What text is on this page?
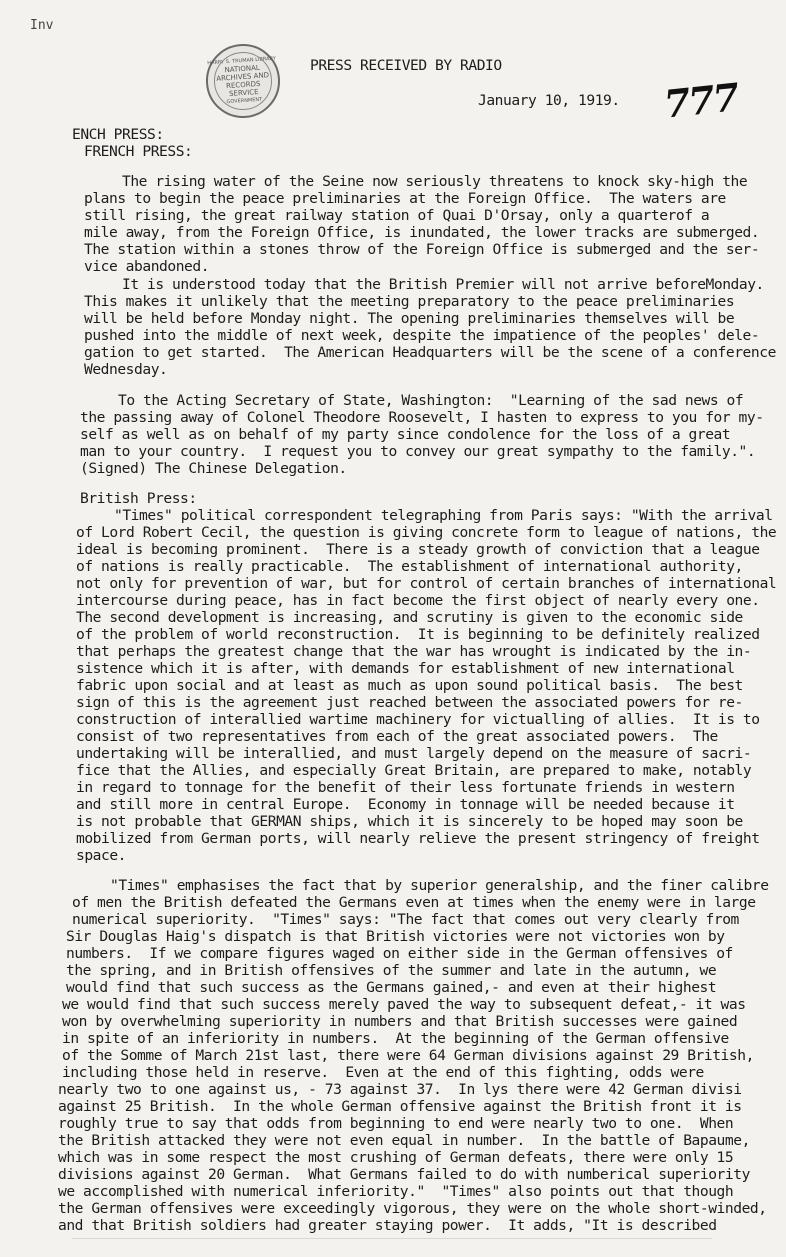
Inv
HARRY S. TRUMAN LIBRARY
NATIONAL
ARCHIVES AND
RECORDS
SERVICE
GOVERNMENT
PRESS RECEIVED BY RADIO
January 10, 1919. 777
ENCH PRESS:
FRENCH PRESS:
The rising water of the Seine now seriously threatens to knock sky-high the
plans to begin the peace preliminaries at the Foreign Office.  The waters are
still rising, the great railway station of Quai D'Orsay, only a quarterof a
mile away, from the Foreign Office, is inundated, the lower tracks are submerged.
The station within a stones throw of the Foreign Office is submerged and the ser-
vice abandoned.
It is understood today that the British Premier will not arrive beforeMonday.
This makes it unlikely that the meeting preparatory to the peace preliminaries
will be held before Monday night. The opening preliminaries themselves will be
pushed into the middle of next week, despite the impatience of the peoples' dele-
gation to get started.  The American Headquarters will be the scene of a conference
Wednesday.
To the Acting Secretary of State, Washington:  "Learning of the sad news of
the passing away of Colonel Theodore Roosevelt, I hasten to express to you for my-
self as well as on behalf of my party since condolence for the loss of a great
man to your country.  I request you to convey our great sympathy to the family.".
(Signed) The Chinese Delegation.
British Press:
"Times" political correspondent telegraphing from Paris says: "With the arrival
of Lord Robert Cecil, the question is giving concrete form to league of nations, the
ideal is becoming prominent.  There is a steady growth of conviction that a league
of nations is really practicable.  The establishment of international authority,
not only for prevention of war, but for control of certain branches of international
intercourse during peace, has in fact become the first object of nearly every one.
The second development is increasing, and scrutiny is given to the economic side
of the problem of world reconstruction.  It is beginning to be definitely realized
that perhaps the greatest change that the war has wrought is indicated by the in-
sistence which it is after, with demands for establishment of new international
fabric upon social and at least as much as upon sound political basis.  The best
sign of this is the agreement just reached between the associated powers for re-
construction of interallied wartime machinery for victualling of allies.  It is to
consist of two representatives from each of the great associated powers.  The
undertaking will be interallied, and must largely depend on the measure of sacri-
fice that the Allies, and especially Great Britain, are prepared to make, notably
in regard to tonnage for the benefit of their less fortunate friends in western
and still more in central Europe.  Economy in tonnage will be needed because it
is not probable that GERMAN ships, which it is sincerely to be hoped may soon be
mobilized from German ports, will nearly relieve the present stringency of freight
space.
"Times" emphasises the fact that by superior generalship, and the finer calibre
of men the British defeated the Germans even at times when the enemy were in large
numerical superiority.  "Times" says: "The fact that comes out very clearly from
Sir Douglas Haig's dispatch is that British victories were not victories won by
numbers.  If we compare figures waged on either side in the German offensives of
the spring, and in British offensives of the summer and late in the autumn, we
would find that such success as the Germans gained,- and even at their highest
we would find that such success merely paved the way to subsequent defeat,- it was
won by overwhelming superiority in numbers and that British successes were gained
in spite of an inferiority in numbers.  At the beginning of the German offensive
of the Somme of March 21st last, there were 64 German divisions against 29 British,
including those held in reserve.  Even at the end of this fighting, odds were
nearly two to one against us, - 73 against 37.  In lys there were 42 German divisi
against 25 British.  In the whole German offensive against the British front it is
roughly true to say that odds from beginning to end were nearly two to one.  When
the British attacked they were not even equal in number.  In the battle of Bapaume,
which was in some respect the most crushing of German defeats, there were only 15
divisions against 20 German.  What Germans failed to do with numberical superiority
we accomplished with numerical inferiority."  "Times" also points out that though
the German offensives were exceedingly vigorous, they were on the whole short-winded,
and that British soldiers had greater staying power.  It adds, "It is described
